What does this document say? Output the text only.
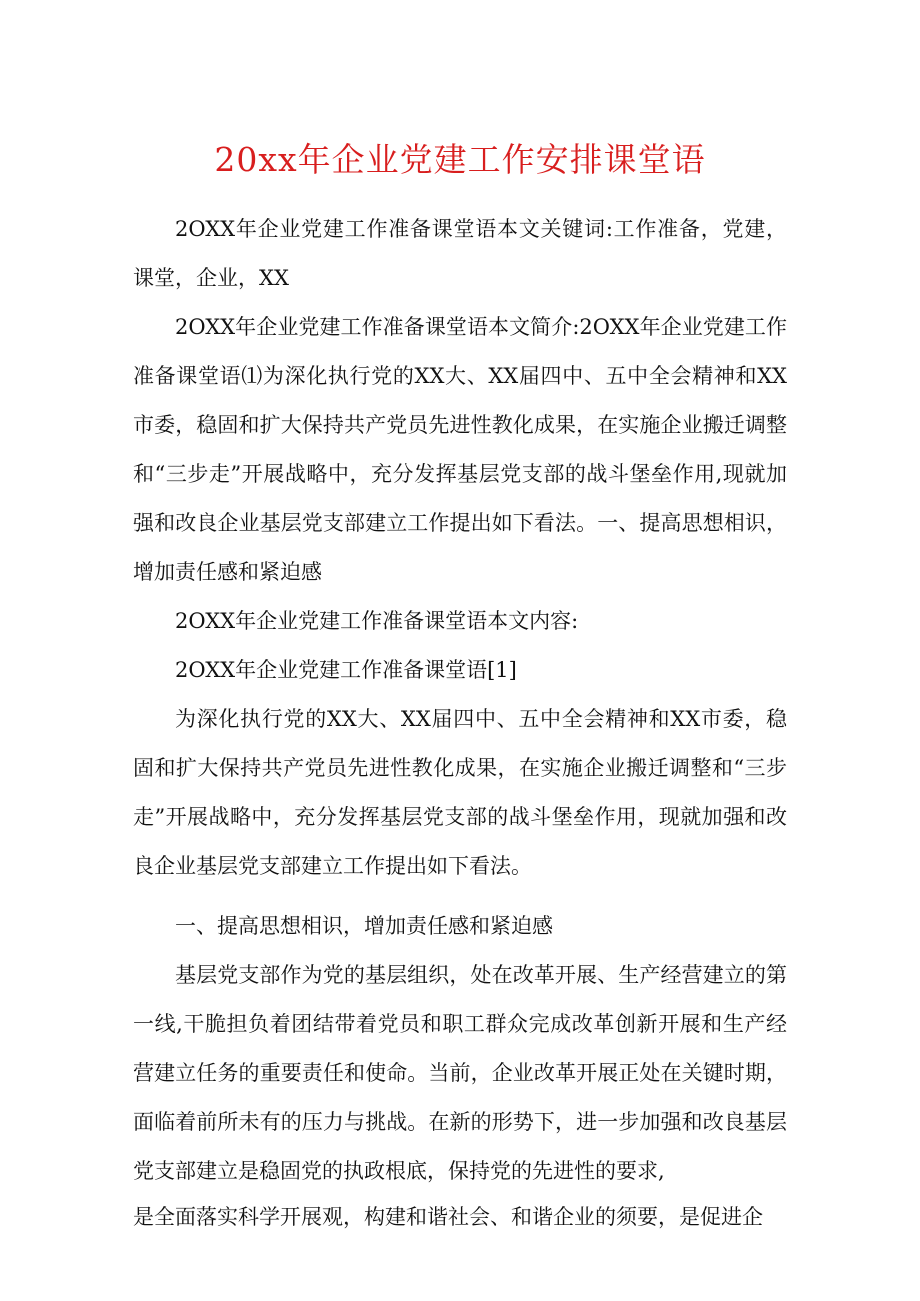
20xx年企业党建工作安排课堂语

2OXX年企业党建工作准备课堂语本文关键词:工作准备，党建，课堂，企业，XX

2OXX年企业党建工作准备课堂语本文简介:2OXX年企业党建工作准备课堂语⑴为深化执行党的XX大、XX届四中、五中全会精神和XX市委，稳固和扩大保持共产党员先进性教化成果，在实施企业搬迁调整和“三步走”开展战略中，充分发挥基层党支部的战斗堡垒作用,现就加强和改良企业基层党支部建立工作提出如下看法。一、提高思想相识，增加责任感和紧迫感

2OXX年企业党建工作准备课堂语本文内容:

2OXX年企业党建工作准备课堂语[1]

为深化执行党的XX大、XX届四中、五中全会精神和XX市委，稳固和扩大保持共产党员先进性教化成果，在实施企业搬迁调整和“三步走”开展战略中，充分发挥基层党支部的战斗堡垒作用，现就加强和改良企业基层党支部建立工作提出如下看法。

一、提高思想相识，增加责任感和紧迫感

基层党支部作为党的基层组织，处在改革开展、生产经营建立的第一线,干脆担负着团结带着党员和职工群众完成改革创新开展和生产经营建立任务的重要责任和使命。当前，企业改革开展正处在关键时期，面临着前所未有的压力与挑战。在新的形势下，进一步加强和改良基层党支部建立是稳固党的执政根底，保持党的先进性的要求,

是全面落实科学开展观，构建和谐社会、和谐企业的须要，是促进企
